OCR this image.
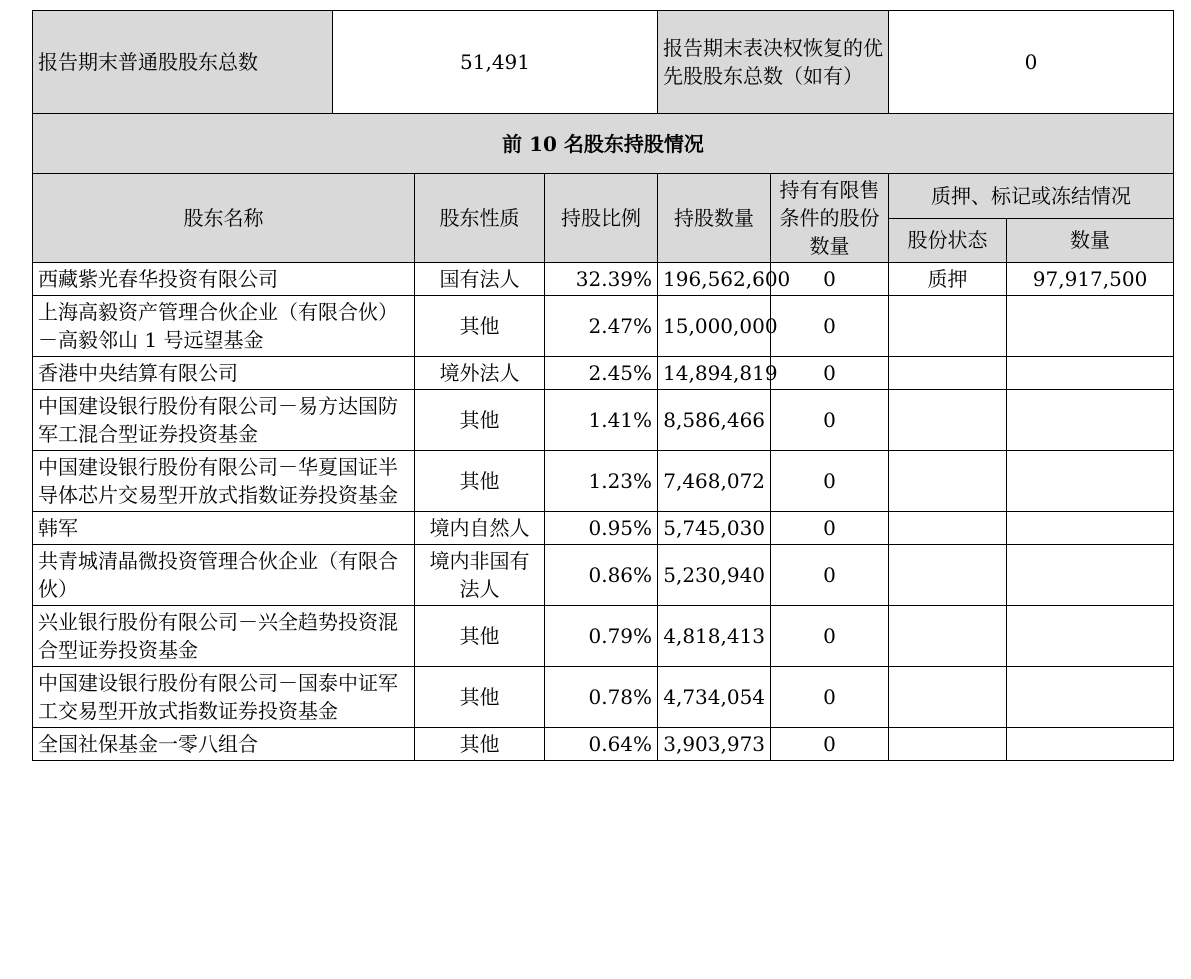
报告期末普通股股东总数	51,491			报告期末表决权恢复的优先股股东总数（如有）		0	
前 10 名股东持股情况							
股东名称		股东性质	持股比例	持股数量	持有有限售条件的股份数量	质押、标记或冻结情况	
						股份状态	数量
西藏紫光春华投资有限公司		国有法人	32.39%	196,562,600	0	质押	97,917,500
上海高毅资产管理合伙企业（有限合伙）－高毅邻山 1 号远望基金		其他	2.47%	15,000,000	0		
香港中央结算有限公司		境外法人	2.45%	14,894,819	0		
中国建设银行股份有限公司－易方达国防军工混合型证券投资基金		其他	1.41%	8,586,466	0		
中国建设银行股份有限公司－华夏国证半导体芯片交易型开放式指数证券投资基金		其他	1.23%	7,468,072	0		
韩军		境内自然人	0.95%	5,745,030	0		
共青城清晶微投资管理合伙企业（有限合伙）		境内非国有法人	0.86%	5,230,940	0		
兴业银行股份有限公司－兴全趋势投资混合型证券投资基金		其他	0.79%	4,818,413	0		
中国建设银行股份有限公司－国泰中证军工交易型开放式指数证券投资基金		其他	0.78%	4,734,054	0		
全国社保基金一零八组合		其他	0.64%	3,903,973	0		
